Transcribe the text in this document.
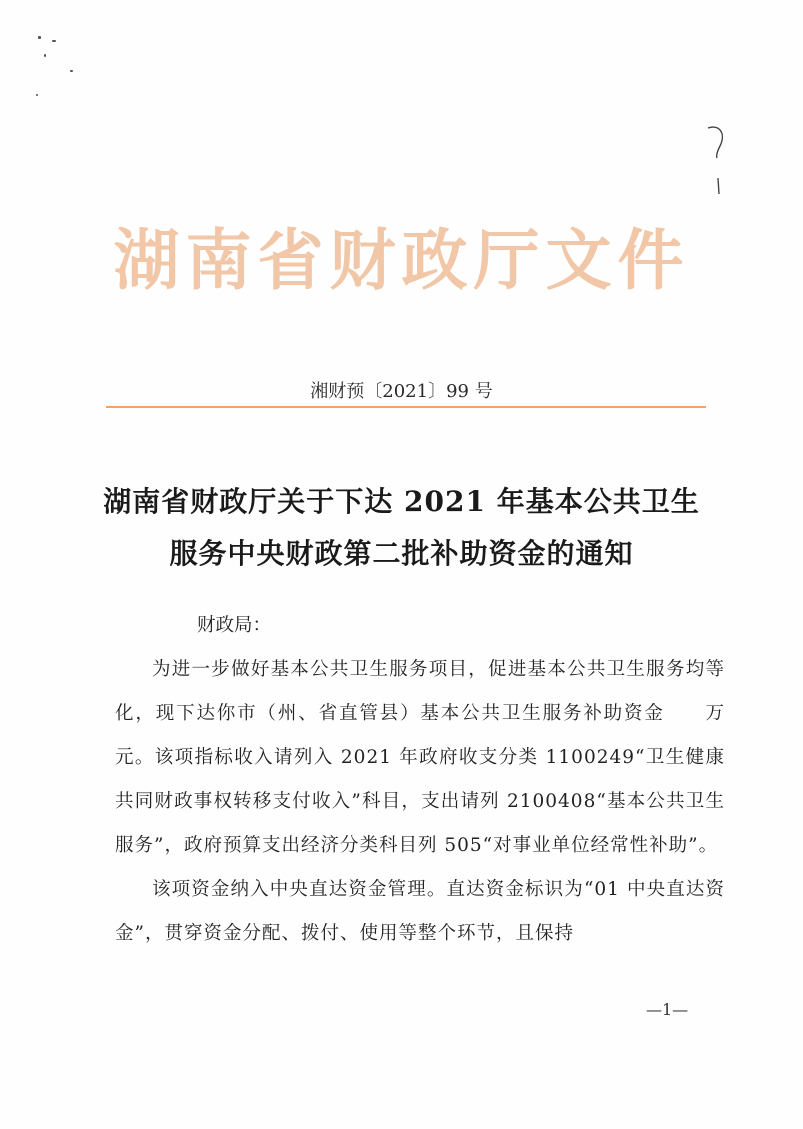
湖南省财政厅文件
湘财预〔2021〕99 号
湖南省财政厅关于下达 2021 年基本公共卫生
服务中央财政第二批补助资金的通知
财政局：
为进一步做好基本公共卫生服务项目，促进基本公共卫生服务均等化，现下达你市（州、省直管县）基本公共卫生服务补助资金　　万元。该项指标收入请列入 2021 年政府收支分类 1100249“卫生健康共同财政事权转移支付收入”科目，支出请列 2100408“基本公共卫生服务”，政府预算支出经济分类科目列 505“对事业单位经常性补助”。
该项资金纳入中央直达资金管理。直达资金标识为“01 中央直达资金”，贯穿资金分配、拨付、使用等整个环节，且保持
—1—
